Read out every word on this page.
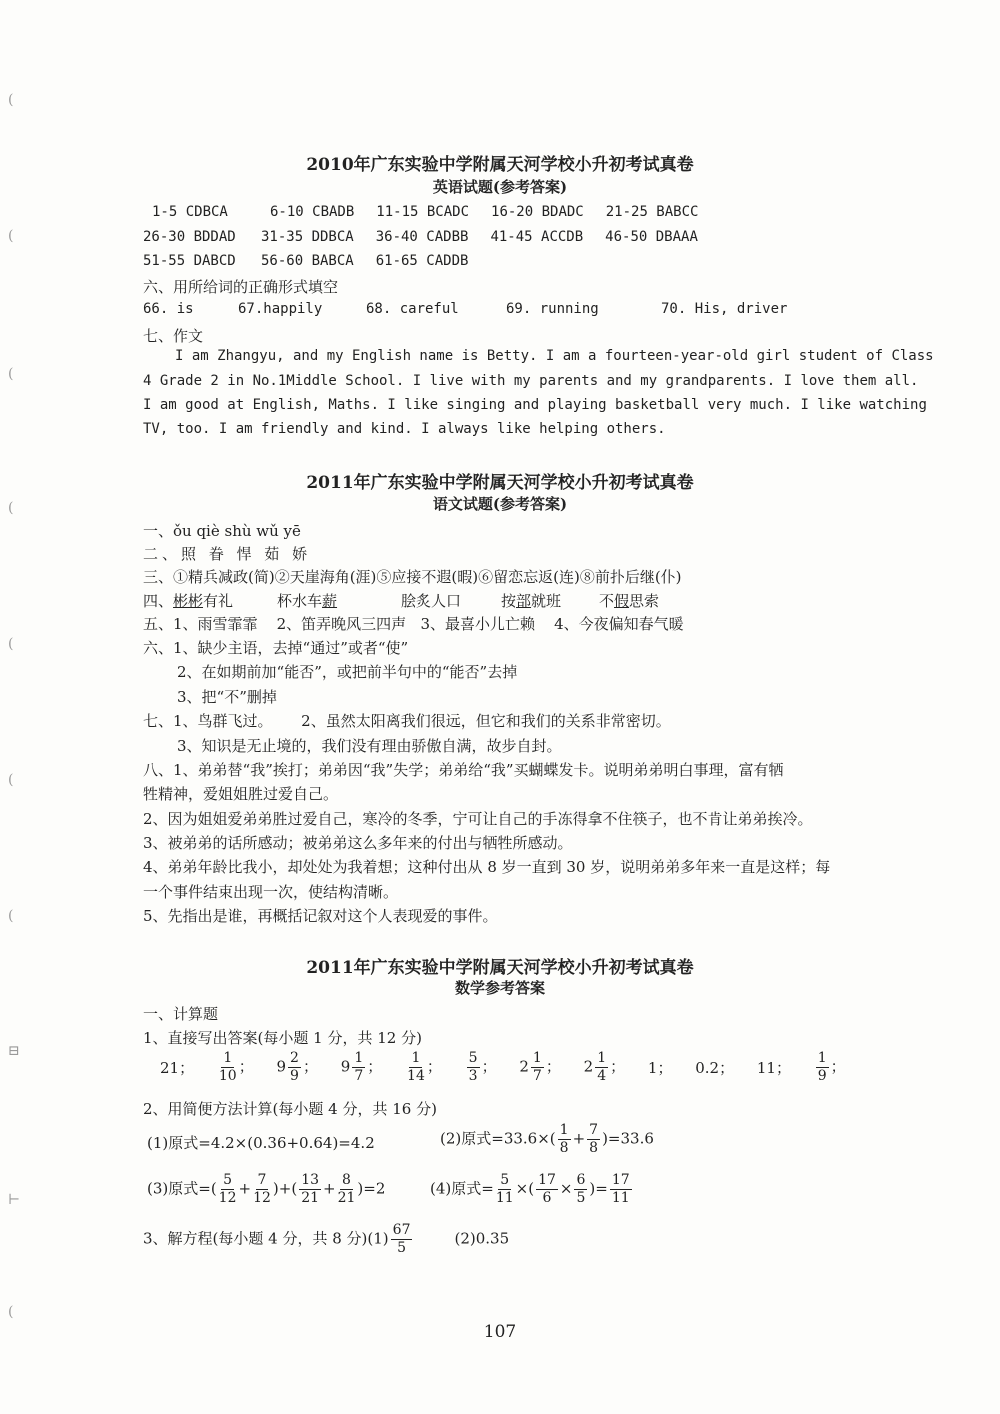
(
(
(
(
(
(
(
⊟
⊢
(
2010年广东实验中学附属天河学校小升初考试真卷
英语试题(参考答案)
1-5 CDBCA	6-10 CBADB 11-15 BCADC 16-20 BDADC 21-25 BABCC
26-30 BDDAD 31-35 DDBCA 36-40 CADBB 41-45 ACCDB 46-50 DBAAA
51-55 DABCD 56-60 BABCA 61-65 CADDB
六、用所给词的正确形式填空
66. is	67.happily	68. careful	69. running	70. His, driver
七、作文
I am Zhangyu, and my English name is Betty. I am a fourteen-year-old girl student of Class
4 Grade 2 in No.1Middle School. I live with my parents and my grandparents. I love them all.
I am good at English, Maths. I like singing and playing basketball very much. I like watching
TV, too. I am friendly and kind. I always like helping others.
2011年广东实验中学附属天河学校小升初考试真卷
语文试题(参考答案)
一、ǒu qiè shù wǔ yē
二、照 眷 悍 茹 娇
三、①精兵减政(简)②天崖海角(涯)⑤应接不遐(暇)⑥留恋忘返(连)⑧前扑后继(仆)
四、彬彬有礼	杯水车薪	脍炙人口	按部就班	不假思索
五、1、雨雪霏霏    2、笛弄晚风三四声   3、最喜小儿亡赖    4、今夜偏知春气暖
六、1、缺少主语，去掉“通过”或者“使”
2、在如期前加“能否”，或把前半句中的“能否”去掉
3、把“不”删掉
七、1、鸟群飞过。      2、虽然太阳离我们很远，但它和我们的关系非常密切。
3、知识是无止境的，我们没有理由骄傲自满，故步自封。
八、1、弟弟替“我”挨打；弟弟因“我”失学；弟弟给“我”买蝴蝶发卡。说明弟弟明白事理，富有牺
牲精神，爱姐姐胜过爱自己。
2、因为姐姐爱弟弟胜过爱自己，寒冷的冬季，宁可让自己的手冻得拿不住筷子，也不肯让弟弟挨冷。
3、被弟弟的话所感动；被弟弟这么多年来的付出与牺牲所感动。
4、弟弟年龄比我小，却处处为我着想；这种付出从 8 岁一直到 30 岁，说明弟弟多年来一直是这样；每
一个事件结束出现一次，使结构清晰。
5、先指出是谁，再概括记叙对这个人表现爱的事件。
2011年广东实验中学附属天河学校小升初考试真卷
数学参考答案
一、计算题
1、直接写出答案(每小题 1 分，共 12 分)
21； $\frac{1}{10}$ ； $9 \frac{2}{9}$ ； $9 \frac{1}{7}$ ； $\frac{1}{14}$ ； $\frac{5}{3}$ ； $2 \frac{1}{7}$ ； $2 \frac{1}{4}$ ； 1； 0.2； 11； $\frac{1}{9}$ ；
2、用简便方法计算(每小题 4 分，共 16 分)
(1)原式=4.2×(0.36+0.64)=4.2	(2)原式$=33.6\times( \frac{1}{8} + \frac{7}{8} )=33.6$
(3)原式=( $\frac{5}{12} + \frac{7}{12}$ )+( $\frac{13}{21} + \frac{8}{21} )=2$	(4)原式= $\frac{5}{11}$ ×( $\frac{17}{6} \times \frac{6}{5}$ )= $\frac{17}{11}$
3、解方程(每小题 4 分，共 8 分)$(1) \frac{67}{5}$	(2)0.35
107
